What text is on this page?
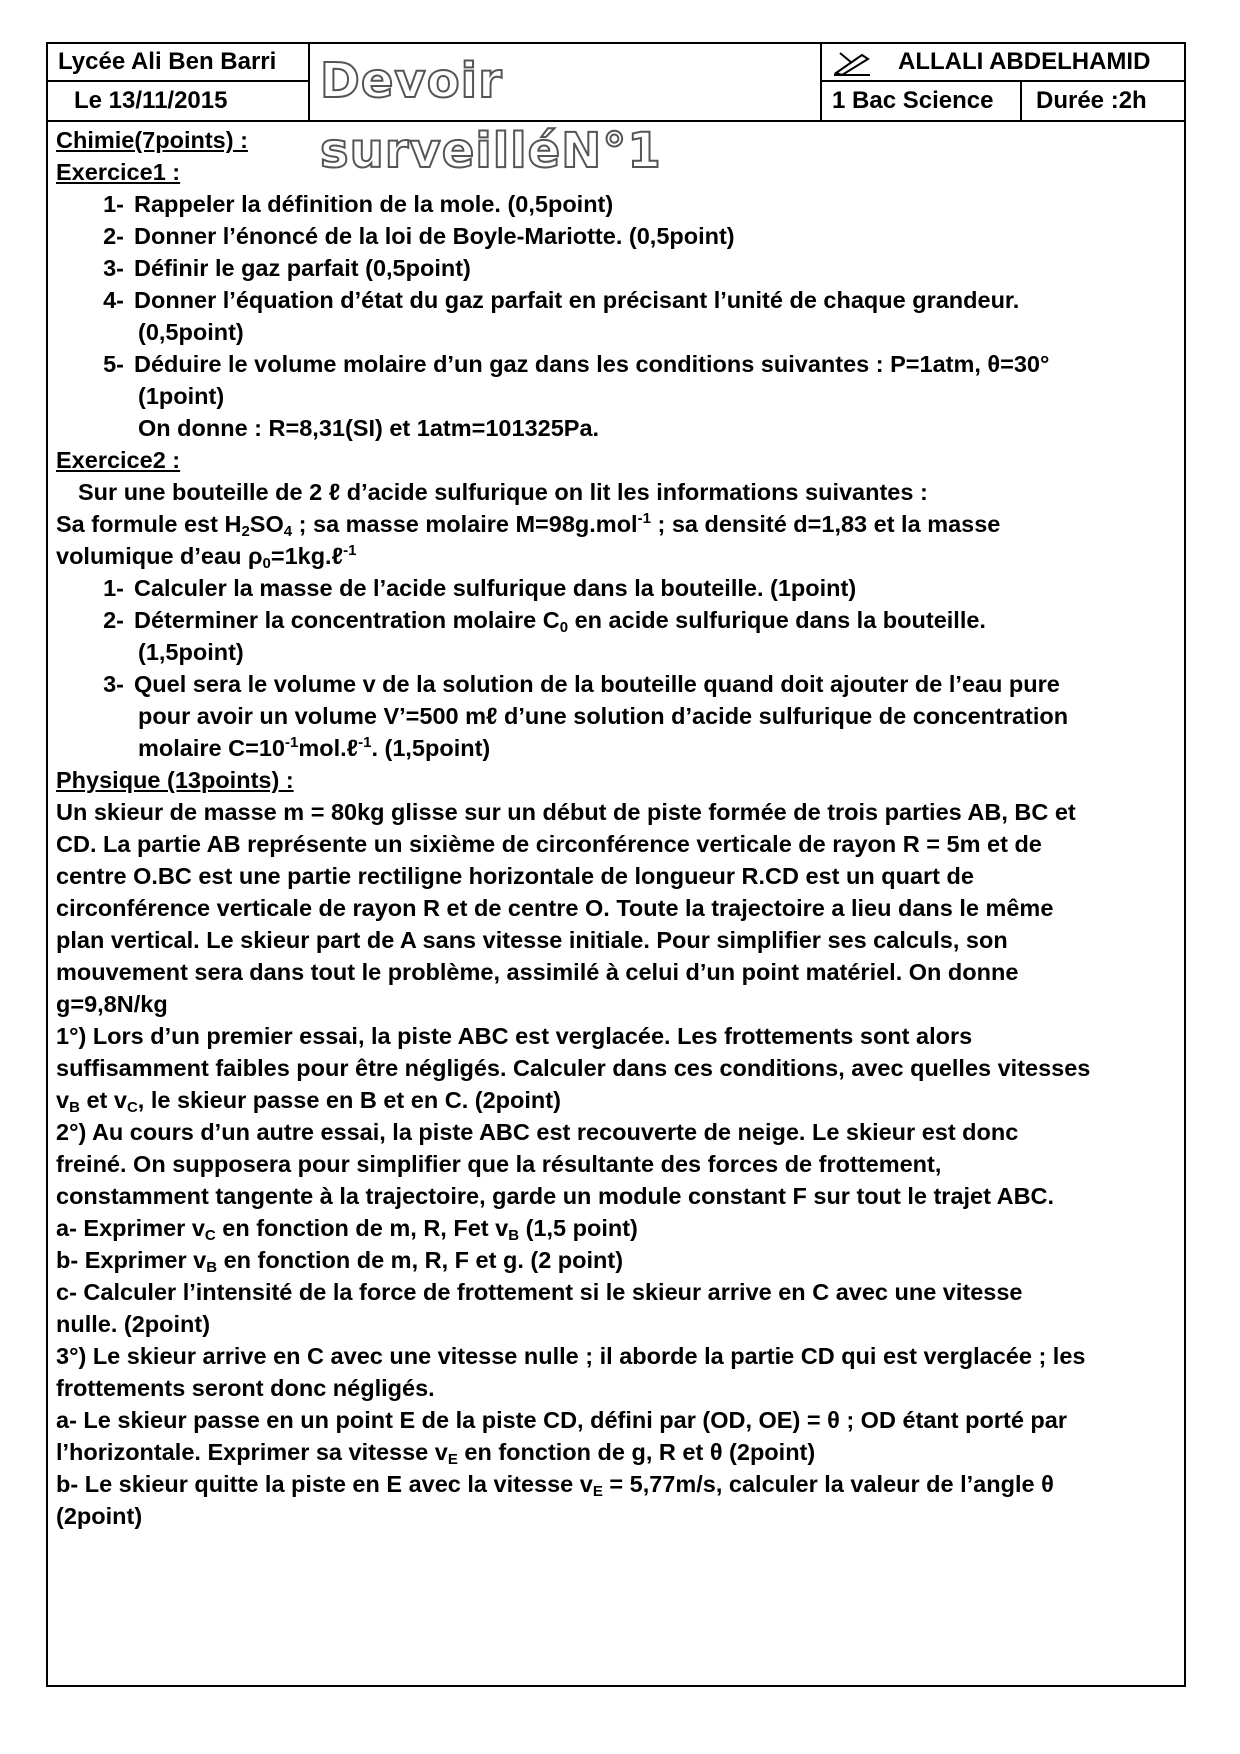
Lycée Ali Ben Barri
Le 13/11/2015	Devoir surveilléN°1
ALLALI ABDELHAMID
1 Bac Science	Durée :2h
Chimie(7points) :
Exercice1 :
1- Rappeler la définition de la mole. (0,5point)
2- Donner l’énoncé de la loi de Boyle-Mariotte. (0,5point)
3- Définir le gaz parfait (0,5point)
4- Donner l’équation d’état du gaz parfait en précisant l’unité de chaque grandeur.
(0,5point)
5- Déduire le volume molaire d’un gaz dans les conditions suivantes : P=1atm, θ=30°
(1point)
On donne : R=8,31(SI) et 1atm=101325Pa.
Exercice2 :
Sur une bouteille de 2 ℓ d’acide sulfurique on lit les informations suivantes :
Sa formule est $H_2SO_4$ ; sa masse molaire M=98g.mol$^{-1}$ ; sa densité d=1,83 et la masse
volumique d’eau $\rho_0=1kg.\ell^{-1}$
1- Calculer la masse de l’acide sulfurique dans la bouteille. (1point)
2- Déterminer la concentration molaire $C_0$ en acide sulfurique dans la bouteille.
(1,5point)
3- Quel sera le volume v de la solution de la bouteille quand doit ajouter de l’eau pure
pour avoir un volume V’=500 mℓ d’une solution d’acide sulfurique de concentration
molaire $C=10^{-1}mol.\ell^{-1}$. (1,5point)
Physique (13points) :
Un skieur de masse m = 80kg glisse sur un début de piste formée de trois parties AB, BC et
CD. La partie AB représente un sixième de circonférence verticale de rayon R = 5m et de
centre O.BC est une partie rectiligne horizontale de longueur R.CD est un quart de
circonférence verticale de rayon R et de centre O. Toute la trajectoire a lieu dans le même
plan vertical. Le skieur part de A sans vitesse initiale. Pour simplifier ses calculs, son
mouvement sera dans tout le problème, assimilé à celui d’un point matériel. On donne
g=9,8N/kg
1°) Lors d’un premier essai, la piste ABC est verglacée. Les frottements sont alors
suffisamment faibles pour être négligés. Calculer dans ces conditions, avec quelles vitesses
$v_B$ et $v_C$, le skieur passe en B et en C. (2point)
2°) Au cours d’un autre essai, la piste ABC est recouverte de neige. Le skieur est donc
freiné. On supposera pour simplifier que la résultante des forces de frottement,
constamment tangente à la trajectoire, garde un module constant F sur tout le trajet ABC.
a- Exprimer $v_C$ en fonction de m, R, Fet $v_B$ (1,5 point)
b- Exprimer $v_B$ en fonction de m, R, F et g. (2 point)
c- Calculer l’intensité de la force de frottement si le skieur arrive en C avec une vitesse
nulle. (2point)
3°) Le skieur arrive en C avec une vitesse nulle ; il aborde la partie CD qui est verglacée ; les
frottements seront donc négligés.
a- Le skieur passe en un point E de la piste CD, défini par (OD, OE) = θ ; OD étant porté par
l’horizontale. Exprimer sa vitesse $v_E$ en fonction de g, R et θ (2point)
b- Le skieur quitte la piste en E avec la vitesse $v_E = 5,77m/s$, calculer la valeur de l’angle θ
(2point)
